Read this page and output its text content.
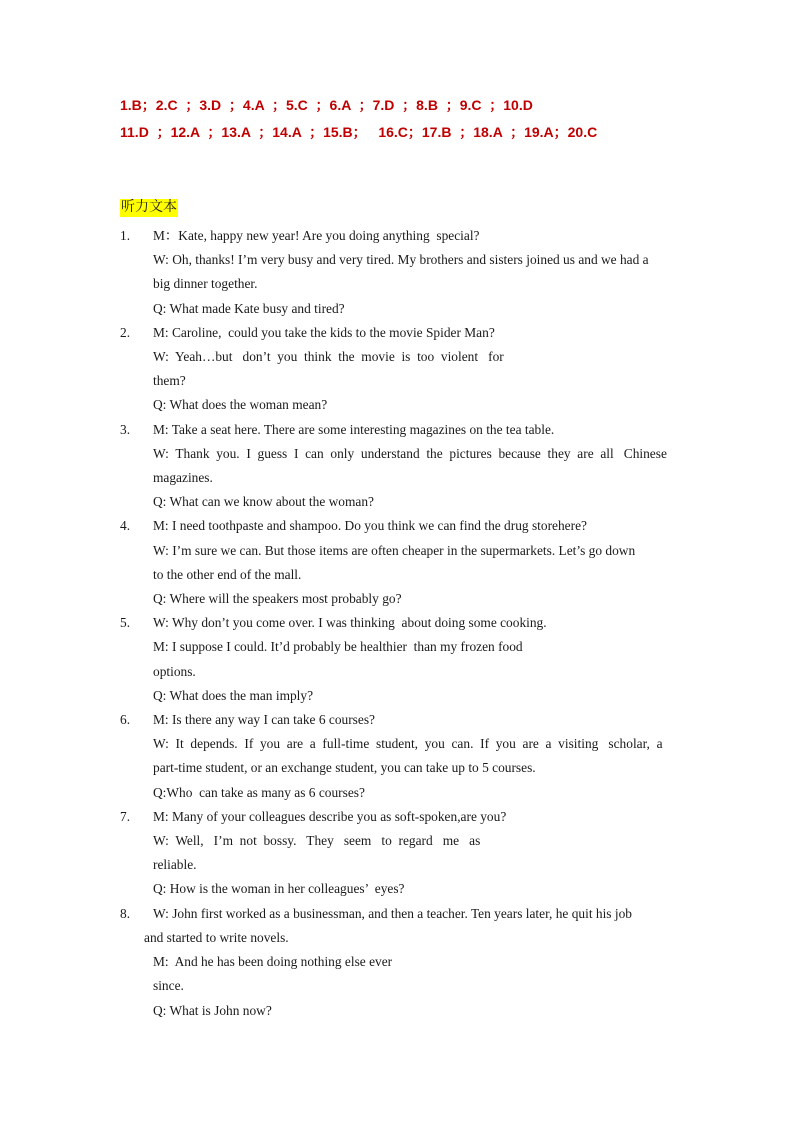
1.B；2.C  ；3.D  ；4.A  ；5.C  ；6.A  ；7.D  ；8.B  ；9.C  ；10.D
11.D  ；12.A  ；13.A  ；14.A  ；15.B；   16.C；17.B  ；18.A  ；19.A；20.C
听力文本
1. M：Kate, happy new year! Are you doing anything  special?
W: Oh, thanks! I’m very busy and very tired. My brothers and sisters joined us and we had a
big dinner together.
Q: What made Kate busy and tired?
2. M: Caroline,  could you take the kids to the movie Spider Man?
W:  Yeah…but   don’t  you  think  the  movie  is  too  violent   for
them?
Q: What does the woman mean?
3. M: Take a seat here. There are some interesting magazines on the tea table.
W:  Thank  you.  I  guess  I  can  only  understand  the  pictures  because  they  are  all   Chinese
magazines.
Q: What can we know about the woman?
4. M: I need toothpaste and shampoo. Do you think we can find the drug storehere?
W: I’m sure we can. But those items are often cheaper in the supermarkets. Let’s go down
to the other end of the mall.
Q: Where will the speakers most probably go?
5. W: Why don’t you come over. I was thinking  about doing some cooking.
M: I suppose I could. It’d probably be healthier  than my frozen food
options.
Q: What does the man imply?
6. M: Is there any way I can take 6 courses?
W:  It  depends.  If  you  are  a  full-time  student,  you  can.  If  you  are  a  visiting   scholar,  a
part-time student, or an exchange student, you can take up to 5 courses.
Q:Who  can take as many as 6 courses?
7. M: Many of your colleagues describe you as soft-spoken,are you?
W:  Well,   I’m  not  bossy.   They   seem   to  regard   me   as
reliable.
Q: How is the woman in her colleagues’  eyes?
8. W: John first worked as a businessman, and then a teacher. Ten years later, he quit his job
and started to write novels.
M:  And he has been doing nothing else ever
since.
Q: What is John now?
